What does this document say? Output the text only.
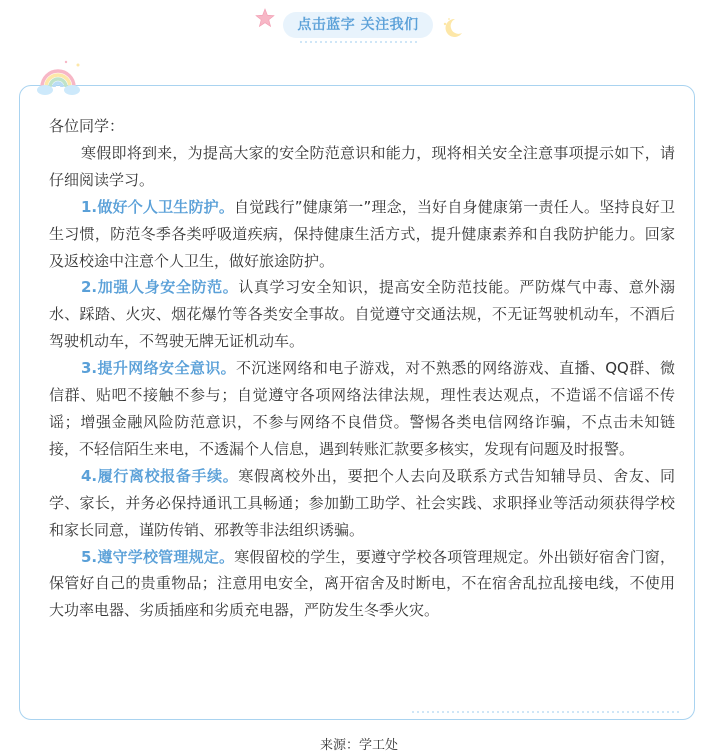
点击蓝字 关注我们

各位同学：

寒假即将到来，为提高大家的安全防范意识和能力，现将相关安全注意事项提示如下，请仔细阅读学习。

1.做好个人卫生防护。自觉践行”健康第一”理念，当好自身健康第一责任人。坚持良好卫生习惯，防范冬季各类呼吸道疾病，保持健康生活方式，提升健康素养和自我防护能力。回家及返校途中注意个人卫生，做好旅途防护。

2.加强人身安全防范。认真学习安全知识，提高安全防范技能。严防煤气中毒、意外溺水、踩踏、火灾、烟花爆竹等各类安全事故。自觉遵守交通法规，不无证驾驶机动车，不酒后驾驶机动车，不驾驶无牌无证机动车。

3.提升网络安全意识。不沉迷网络和电子游戏，对不熟悉的网络游戏、直播、QQ群、微信群、贴吧不接触不参与；自觉遵守各项网络法律法规，理性表达观点，不造谣不信谣不传谣；增强金融风险防范意识，不参与网络不良借贷。警惕各类电信网络诈骗，不点击未知链接，不轻信陌生来电，不透漏个人信息，遇到转账汇款要多核实，发现有问题及时报警。

4.履行离校报备手续。寒假离校外出，要把个人去向及联系方式告知辅导员、舍友、同学、家长，并务必保持通讯工具畅通；参加勤工助学、社会实践、求职择业等活动须获得学校和家长同意，谨防传销、邪教等非法组织诱骗。

5.遵守学校管理规定。寒假留校的学生，要遵守学校各项管理规定。外出锁好宿舍门窗，保管好自己的贵重物品；注意用电安全，离开宿舍及时断电，不在宿舍乱拉乱接电线，不使用大功率电器、劣质插座和劣质充电器，严防发生冬季火灾。

来源：学工处
